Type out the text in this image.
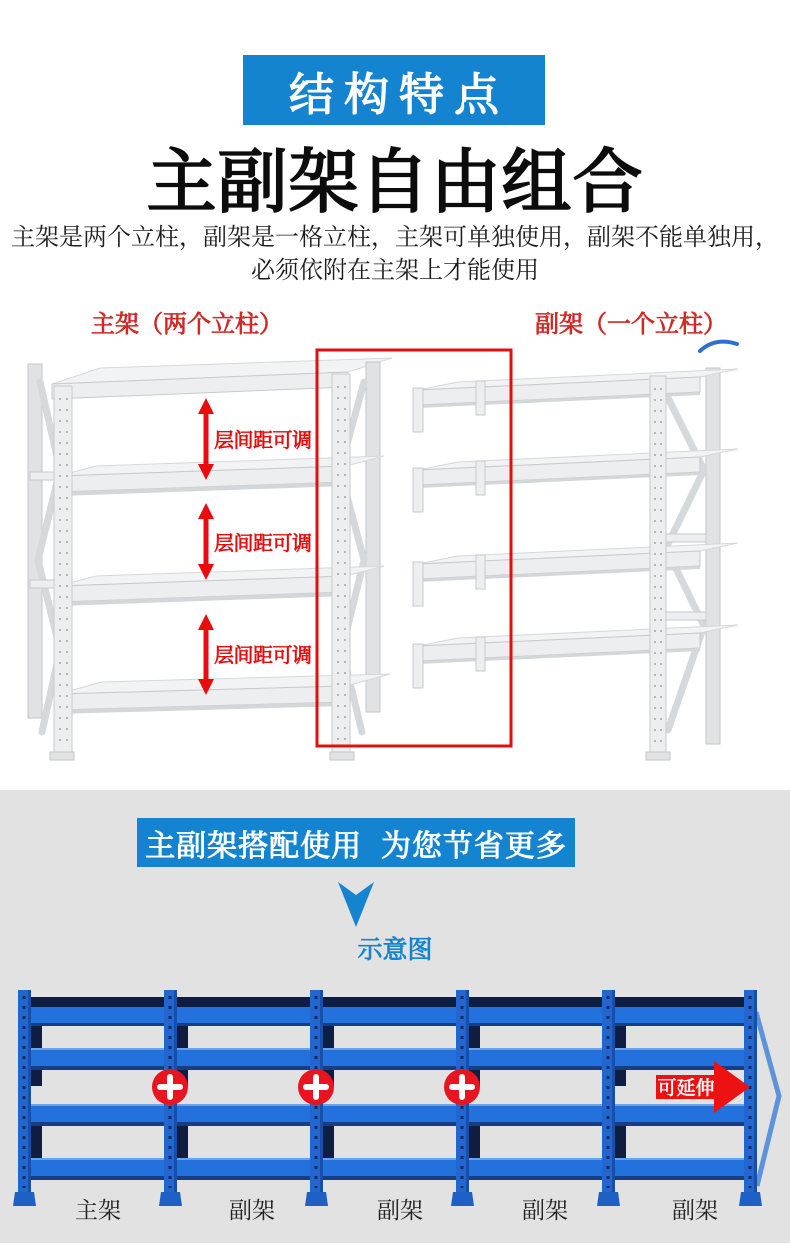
结构特点
主副架自由组合
主架是两个立柱，副架是一格立柱，主架可单独使用，副架不能单独用，
必须依附在主架上才能使用
主架（两个立柱）	副架（一个立柱）
层间距可调
层间距可调
层间距可调
主副架搭配使用  为您节省更多
示意图
可延伸
主架	副架	副架	副架	副架
